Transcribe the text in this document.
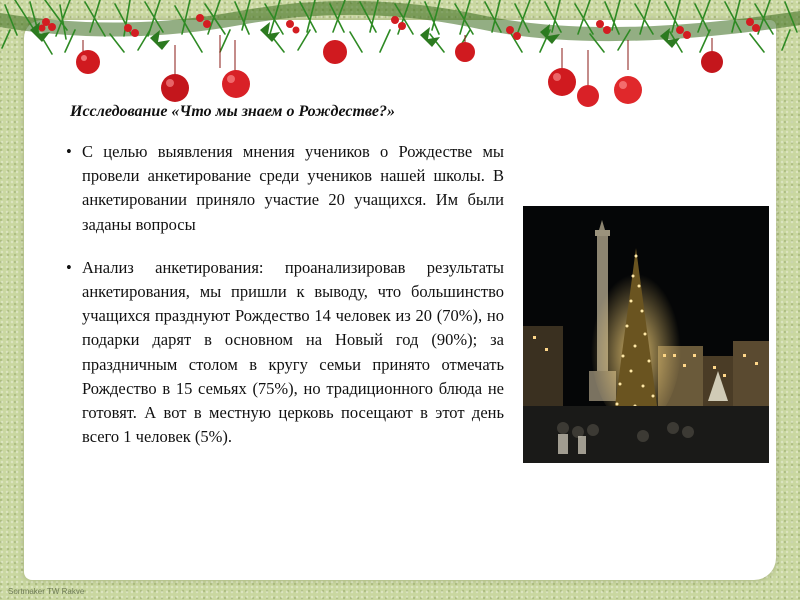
Исследование «Что мы знаем о Рождестве?»
• С целью выявления мнения учеников о Рождестве мы провели анкетирование среди учеников нашей школы. В анкетировании приняло участие 20 учащихся. Им были заданы вопросы
• Анализ анкетирования: проанализировав результаты анкетирования, мы пришли к выводу, что большинство учащихся празднуют Рождество 14 человек из 20 (70%), но подарки дарят в основном на Новый год (90%); за праздничным столом в кругу семьи принято отмечать Рождество в 15 семьях (75%), но традиционного блюда не готовят. А вот в местную церковь посещают в этот день всего 1 человек (5%).
Sortmaker TW Rakve
